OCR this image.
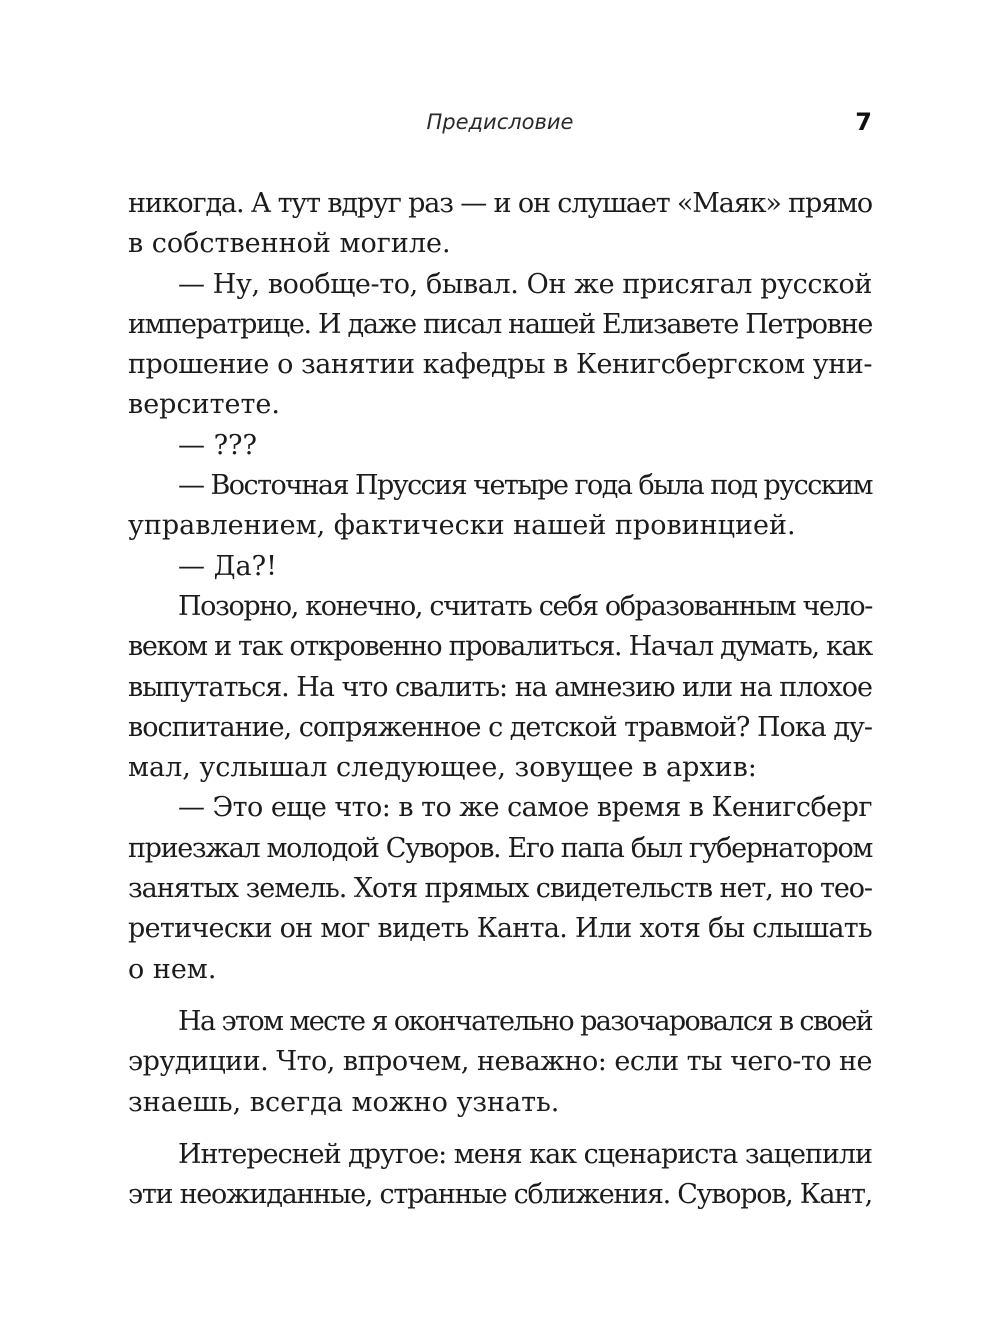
Предисловие	7
никогда. А тут вдруг раз — и он слушает «Маяк» прямо
в собственной могиле.
— Ну, вообще-то, бывал. Он же присягал русской
императрице. И даже писал нашей Елизавете Петровне
прошение о занятии кафедры в Кенигсбергском уни-
верситете.
— ???
— Восточная Пруссия четыре года была под русским
управлением, фактически нашей провинцией.
— Да?!
Позорно, конечно, считать себя образованным чело-
веком и так откровенно провалиться. Начал думать, как
выпутаться. На что свалить: на амнезию или на плохое
воспитание, сопряженное с детской травмой? Пока ду-
мал, услышал следующее, зовущее в архив:
— Это еще что: в то же самое время в Кенигсберг
приезжал молодой Суворов. Его папа был губернатором
занятых земель. Хотя прямых свидетельств нет, но тео-
ретически он мог видеть Канта. Или хотя бы слышать
о нем.
На этом месте я окончательно разочаровался в своей
эрудиции. Что, впрочем, неважно: если ты чего-то не
знаешь, всегда можно узнать.
Интересней другое: меня как сценариста зацепили
эти неожиданные, странные сближения. Суворов, Кант,
